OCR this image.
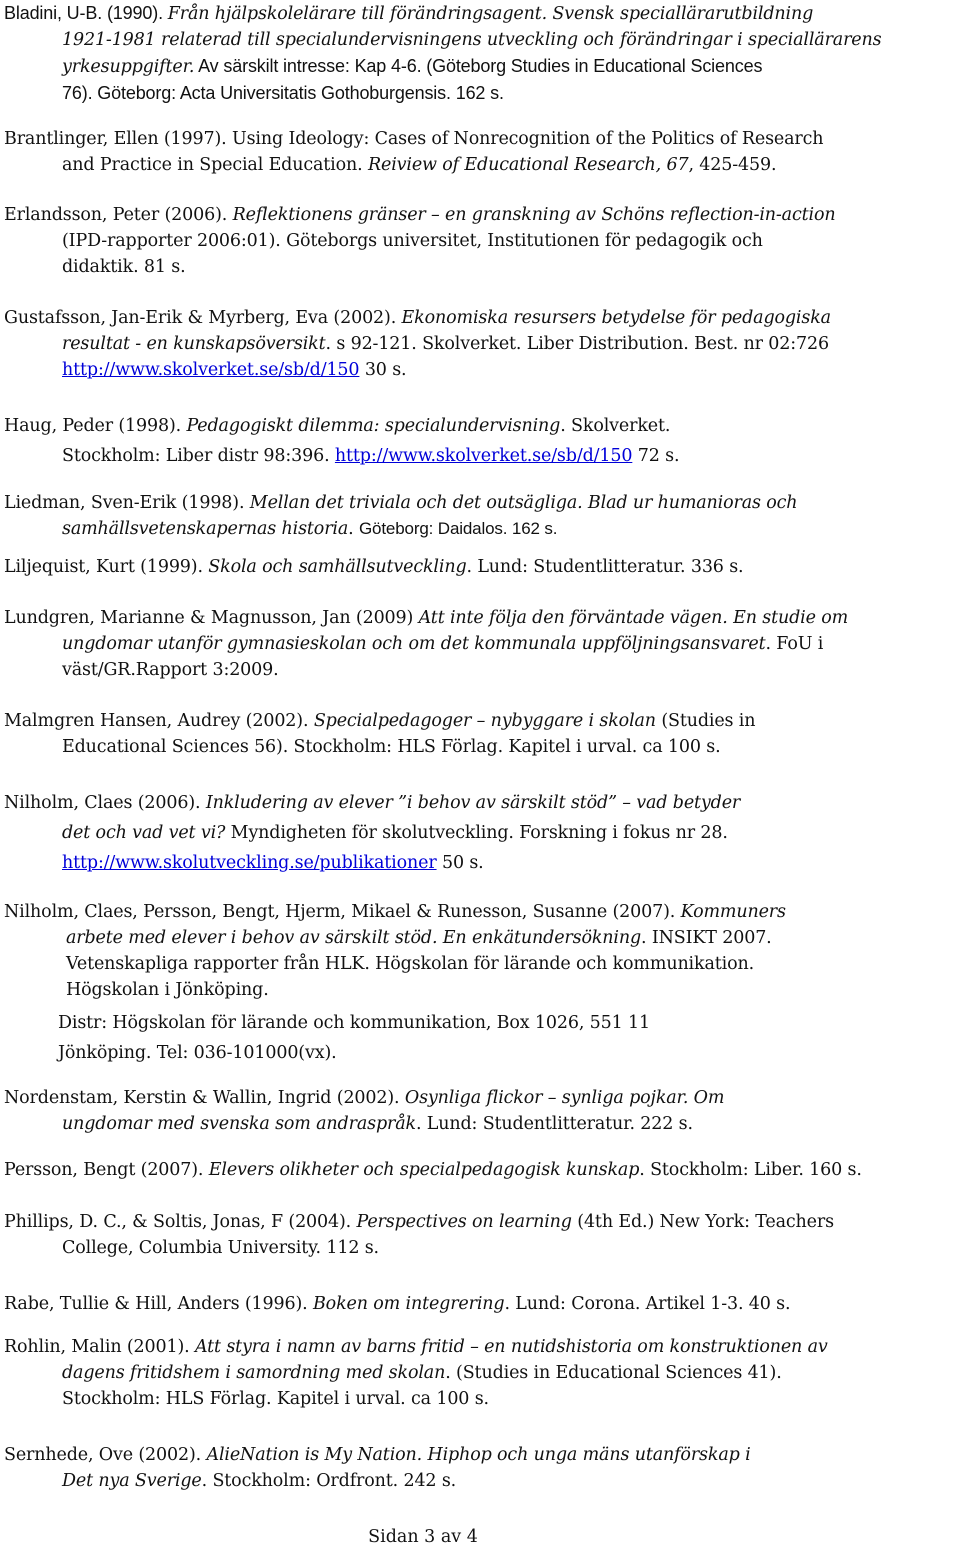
Bladini, U-B. (1990). Från hjälpskolelärare till förändringsagent. Svensk speciallärarutbildning
1921-1981 relaterad till specialundervisningens utveckling och förändringar i speciallärarens
yrkesuppgifter. Av särskilt intresse: Kap 4-6. (Göteborg Studies in Educational Sciences
76). Göteborg: Acta Universitatis Gothoburgensis. 162 s.
Brantlinger, Ellen (1997). Using Ideology: Cases of Nonrecognition of the Politics of Research
and Practice in Special Education. Reiview of Educational Research, 67, 425-459.
Erlandsson, Peter (2006). Reflektionens gränser – en granskning av Schöns reflection-in-action
(IPD-rapporter 2006:01). Göteborgs universitet, Institutionen för pedagogik och
didaktik. 81 s.
Gustafsson, Jan-Erik & Myrberg, Eva (2002). Ekonomiska resursers betydelse för pedagogiska
resultat - en kunskapsöversikt. s 92-121. Skolverket. Liber Distribution. Best. nr 02:726
http://www.skolverket.se/sb/d/150 30 s.
Haug, Peder (1998). Pedagogiskt dilemma: specialundervisning. Skolverket.
Stockholm: Liber distr 98:396. http://www.skolverket.se/sb/d/150 72 s.
Liedman, Sven-Erik (1998). Mellan det triviala och det outsägliga. Blad ur humanioras och
samhällsvetenskapernas historia. Göteborg: Daidalos. 162 s.
Liljequist, Kurt (1999). Skola och samhällsutveckling. Lund: Studentlitteratur. 336 s.
Lundgren, Marianne & Magnusson, Jan (2009) Att inte följa den förväntade vägen. En studie om
ungdomar utanför gymnasieskolan och om det kommunala uppföljningsansvaret. FoU i
väst/GR.Rapport 3:2009.
Malmgren Hansen, Audrey (2002). Specialpedagoger – nybyggare i skolan (Studies in
Educational Sciences 56). Stockholm: HLS Förlag. Kapitel i urval. ca 100 s.
Nilholm, Claes (2006). Inkludering av elever ”i behov av särskilt stöd” – vad betyder
det och vad vet vi? Myndigheten för skolutveckling. Forskning i fokus nr 28.
http://www.skolutveckling.se/publikationer 50 s.
Nilholm, Claes, Persson, Bengt, Hjerm, Mikael & Runesson, Susanne (2007). Kommuners
arbete med elever i behov av särskilt stöd. En enkätundersökning. INSIKT 2007.
Vetenskapliga rapporter från HLK. Högskolan för lärande och kommunikation.
Högskolan i Jönköping.
Distr: Högskolan för lärande och kommunikation, Box 1026, 551 11
Jönköping. Tel: 036-101000(vx).
Nordenstam, Kerstin & Wallin, Ingrid (2002). Osynliga flickor – synliga pojkar. Om
ungdomar med svenska som andraspråk. Lund: Studentlitteratur. 222 s.
Persson, Bengt (2007). Elevers olikheter och specialpedagogisk kunskap. Stockholm: Liber. 160 s.
Phillips, D. C., & Soltis, Jonas, F (2004). Perspectives on learning (4th Ed.) New York: Teachers
College, Columbia University. 112 s.
Rabe, Tullie & Hill, Anders (1996). Boken om integrering. Lund: Corona. Artikel 1-3. 40 s.
Rohlin, Malin (2001). Att styra i namn av barns fritid – en nutidshistoria om konstruktionen av
dagens fritidshem i samordning med skolan. (Studies in Educational Sciences 41).
Stockholm: HLS Förlag. Kapitel i urval. ca 100 s.
Sernhede, Ove (2002). AlieNation is My Nation. Hiphop och unga mäns utanförskap i
Det nya Sverige. Stockholm: Ordfront. 242 s.
Sidan 3 av 4
